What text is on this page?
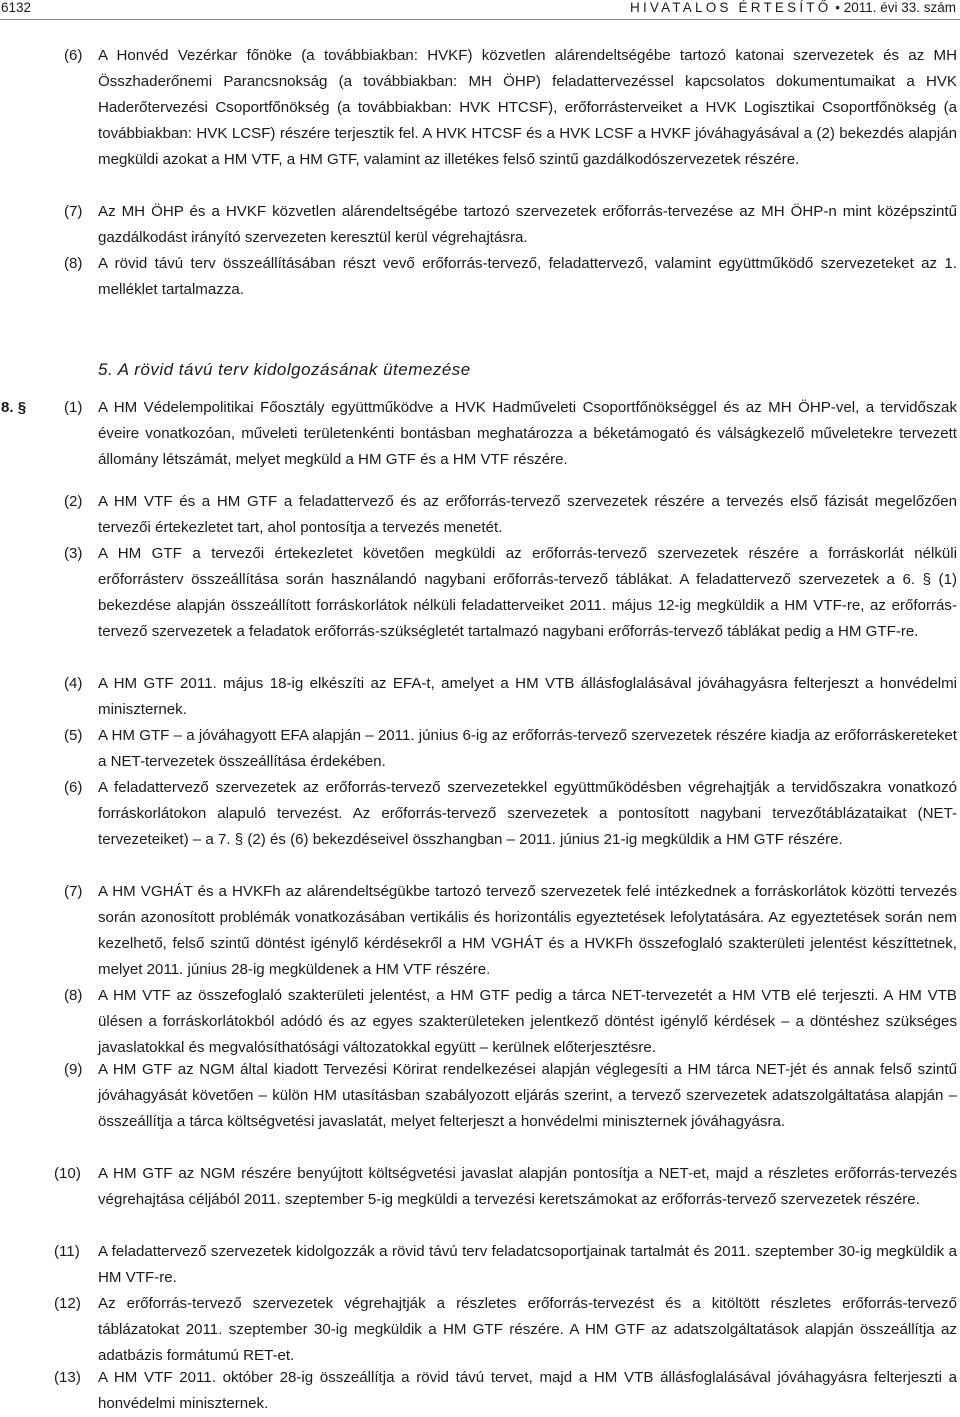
6132	HIVATALOS ÉRTESÍTŐ • 2011. évi 33. szám
(6) A Honvéd Vezérkar főnöke (a továbbiakban: HVKF) közvetlen alárendeltségébe tartozó katonai szervezetek és az MH Összhaderőnemi Parancsnokság (a továbbiakban: MH ÖHP) feladattervezéssel kapcsolatos dokumentumaikat a HVK Haderőtervezési Csoportfőnökség (a továbbiakban: HVK HTCSF), erőforrásterveiket a HVK Logisztikai Csoportfőnökség (a továbbiakban: HVK LCSF) részére terjesztik fel. A HVK HTCSF és a HVK LCSF a HVKF jóváhagyásával a (2) bekezdés alapján megküldi azokat a HM VTF, a HM GTF, valamint az illetékes felső szintű gazdálkodószervezetek részére.
(7) Az MH ÖHP és a HVKF közvetlen alárendeltségébe tartozó szervezetek erőforrás-tervezése az MH ÖHP-n mint középszintű gazdálkodást irányító szervezeten keresztül kerül végrehajtásra.
(8) A rövid távú terv összeállításában részt vevő erőforrás-tervező, feladattervező, valamint együttműködő szervezeteket az 1. melléklet tartalmazza.
5. A rövid távú terv kidolgozásának ütemezése
8. §	(1) A HM Védelempolitikai Főosztály együttműködve a HVK Hadműveleti Csoportfőnökséggel és az MH ÖHP-vel, a tervidőszak éveire vonatkozóan, műveleti területenkénti bontásban meghatározza a béketámogató és válságkezelő műveletekre tervezett állomány létszámát, melyet megküld a HM GTF és a HM VTF részére.
(2) A HM VTF és a HM GTF a feladattervező és az erőforrás-tervező szervezetek részére a tervezés első fázisát megelőzően tervezői értekezletet tart, ahol pontosítja a tervezés menetét.
(3) A HM GTF a tervezői értekezletet követően megküldi az erőforrás-tervező szervezetek részére a forráskorlát nélküli erőforrásterv összeállítása során használandó nagybani erőforrás-tervező táblákat. A feladattervező szervezetek a 6. § (1) bekezdése alapján összeállított forráskorlátok nélküli feladatterveiket 2011. május 12-ig megküldik a HM VTF-re, az erőforrás-tervező szervezetek a feladatok erőforrás-szükségletét tartalmazó nagybani erőforrás-tervező táblákat pedig a HM GTF-re.
(4) A HM GTF 2011. május 18-ig elkészíti az EFA-t, amelyet a HM VTB állásfoglalásával jóváhagyásra felterjeszt a honvédelmi miniszternek.
(5) A HM GTF – a jóváhagyott EFA alapján – 2011. június 6-ig az erőforrás-tervező szervezetek részére kiadja az erőforráskereteket a NET-tervezetek összeállítása érdekében.
(6) A feladattervező szervezetek az erőforrás-tervező szervezetekkel együttműködésben végrehajtják a tervidőszakra vonatkozó forráskorlátokon alapuló tervezést. Az erőforrás-tervező szervezetek a pontosított nagybani tervezőtáblázataikat (NET-tervezeteiket) – a 7. § (2) és (6) bekezdéseivel összhangban – 2011. június 21-ig megküldik a HM GTF részére.
(7) A HM VGHÁT és a HVKFh az alárendeltségükbe tartozó tervező szervezetek felé intézkednek a forráskorlátok közötti tervezés során azonosított problémák vonatkozásában vertikális és horizontális egyeztetések lefolytatására. Az egyeztetések során nem kezelhető, felső szintű döntést igénylő kérdésekről a HM VGHÁT és a HVKFh összefoglaló szakterületi jelentést készíttetnek, melyet 2011. június 28-ig megküldenek a HM VTF részére.
(8) A HM VTF az összefoglaló szakterületi jelentést, a HM GTF pedig a tárca NET-tervezetét a HM VTB elé terjeszti. A HM VTB ülésen a forráskorlátokból adódó és az egyes szakterületeken jelentkező döntést igénylő kérdések – a döntéshez szükséges javaslatokkal és megvalósíthatósági változatokkal együtt – kerülnek előterjesztésre.
(9) A HM GTF az NGM által kiadott Tervezési Körirat rendelkezései alapján véglegesíti a HM tárca NET-jét és annak felső szintű jóváhagyását követően – külön HM utasításban szabályozott eljárás szerint, a tervező szervezetek adatszolgáltatása alapján – összeállítja a tárca költségvetési javaslatát, melyet felterjeszt a honvédelmi miniszternek jóváhagyásra.
(10) A HM GTF az NGM részére benyújtott költségvetési javaslat alapján pontosítja a NET-et, majd a részletes erőforrás-tervezés végrehajtása céljából 2011. szeptember 5-ig megküldi a tervezési keretszámokat az erőforrás-tervező szervezetek részére.
(11) A feladattervező szervezetek kidolgozzák a rövid távú terv feladatcsoportjainak tartalmát és 2011. szeptember 30-ig megküldik a HM VTF-re.
(12) Az erőforrás-tervező szervezetek végrehajtják a részletes erőforrás-tervezést és a kitöltött részletes erőforrás-tervező táblázatokat 2011. szeptember 30-ig megküldik a HM GTF részére. A HM GTF az adatszolgáltatások alapján összeállítja az adatbázis formátumú RET-et.
(13) A HM VTF 2011. október 28-ig összeállítja a rövid távú tervet, majd a HM VTB állásfoglalásával jóváhagyásra felterjeszti a honvédelmi miniszternek.
